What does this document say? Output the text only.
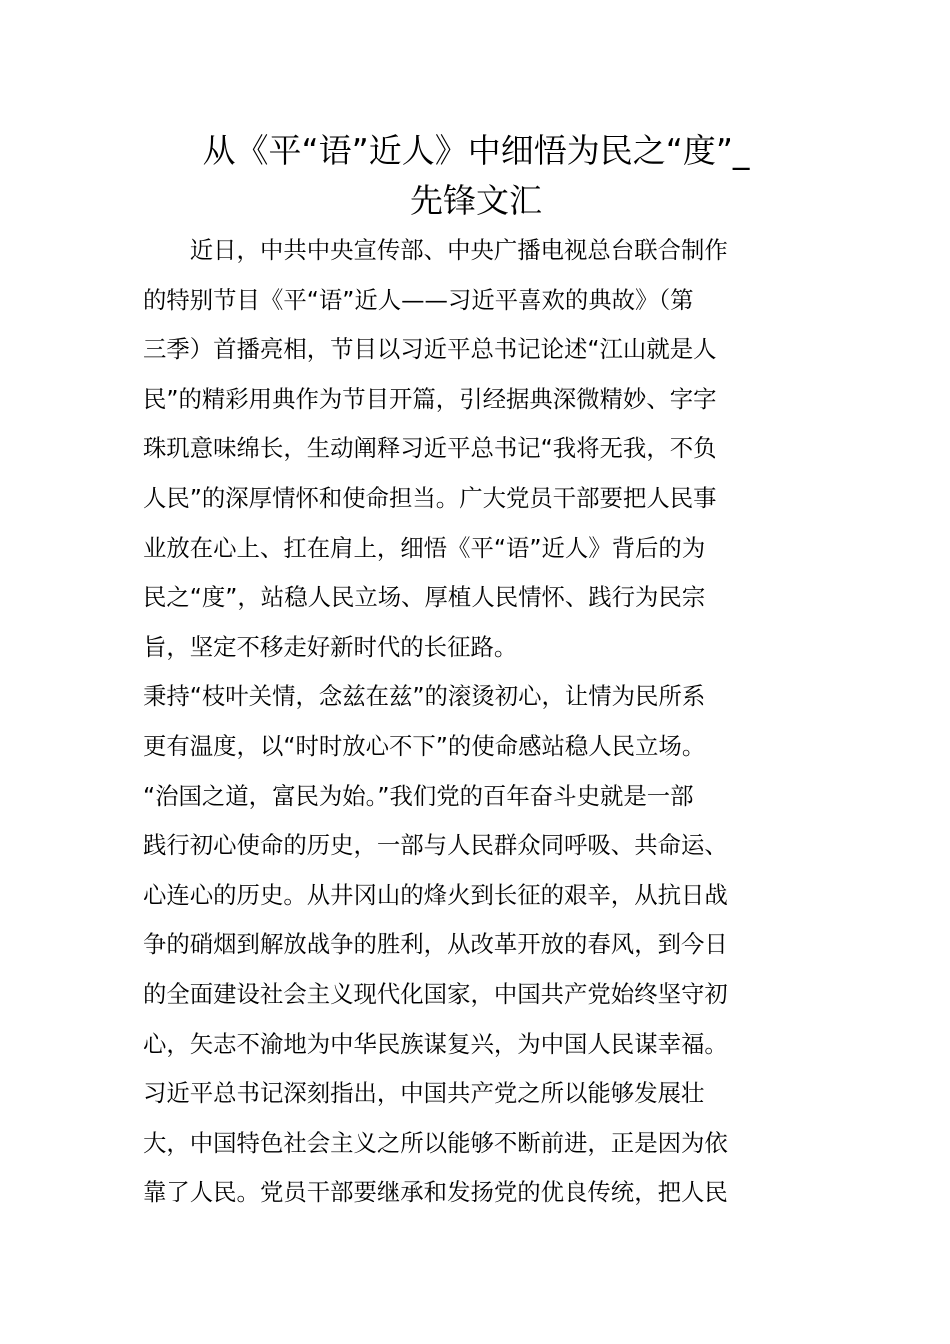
从《平“语”近人》中细悟为民之“度”_
先锋文汇

　　近日，中共中央宣传部、中央广播电视总台联合制作
的特别节目《平“语”近人——习近平喜欢的典故》（第
三季）首播亮相，节目以习近平总书记论述“江山就是人
民”的精彩用典作为节目开篇，引经据典深微精妙、字字
珠玑意味绵长，生动阐释习近平总书记“我将无我，不负
人民”的深厚情怀和使命担当。广大党员干部要把人民事
业放在心上、扛在肩上，细悟《平“语”近人》背后的为
民之“度”，站稳人民立场、厚植人民情怀、践行为民宗
旨，坚定不移走好新时代的长征路。

秉持“枝叶关情，念兹在兹”的滚烫初心，让情为民所系
更有温度，以“时时放心不下”的使命感站稳人民立场。
“治国之道，富民为始。”我们党的百年奋斗史就是一部
践行初心使命的历史，一部与人民群众同呼吸、共命运、
心连心的历史。从井冈山的烽火到长征的艰辛，从抗日战
争的硝烟到解放战争的胜利，从改革开放的春风，到今日
的全面建设社会主义现代化国家，中国共产党始终坚守初
心，矢志不渝地为中华民族谋复兴，为中国人民谋幸福。
习近平总书记深刻指出，中国共产党之所以能够发展壮
大，中国特色社会主义之所以能够不断前进，正是因为依
靠了人民。党员干部要继承和发扬党的优良传统，把人民
